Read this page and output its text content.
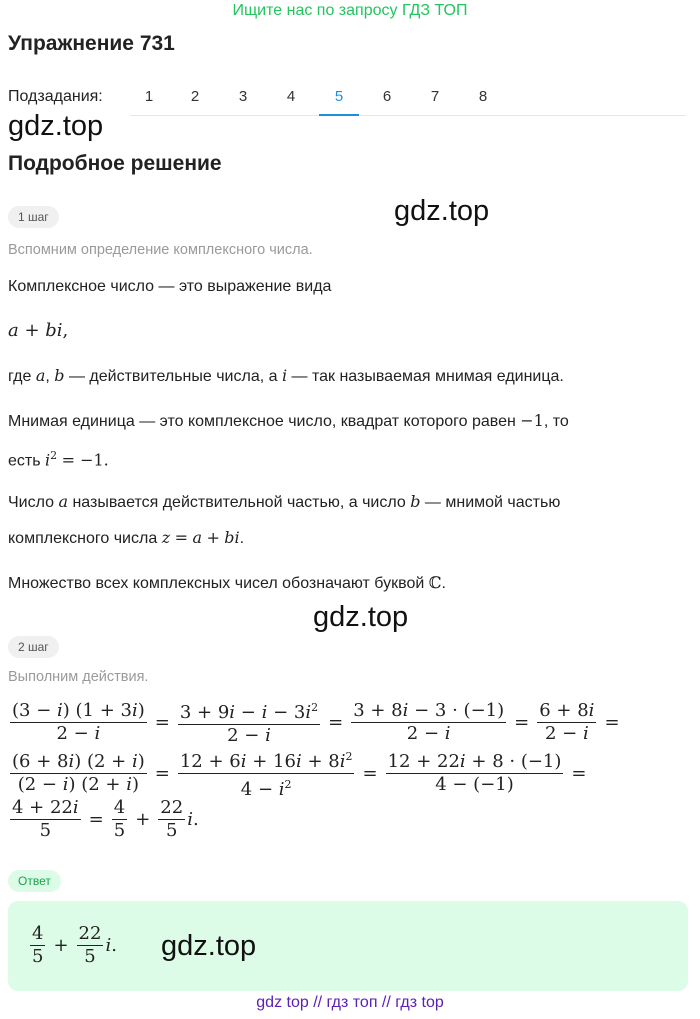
Ищите нас по запросу ГДЗ ТОП
Упражнение 731
Подзадания:	1	2	3	4	5	6	7	8
gdz.top
Подробное решение
1 шаг	gdz.top
Вспомним определение комплексного числа.
Комплексное число — это выражение вида
a + bi,
где a, b — действительные числа, а i — так называемая мнимая единица.
Мнимая единица — это комплексное число, квадрат которого равен −1, то
есть $i^2 = -1$.
Число a называется действительной частью, а число b — мнимой частью
комплексного числа z = a + bi.
Множество всех комплексных чисел обозначают буквой ℂ.
gdz.top
2 шаг
Выполним действия.
$\frac{(3 - i) (1 + 3i)}{2 - i} = \frac{3 + 9i - i - 3i^2}{2 - i} = \frac{3 + 8i - 3 \cdot (-1)}{2 - i} = \frac{6 + 8i}{2 - i}$ =
$\frac{(6 + 8i) (2 + i)}{(2 - i) (2 + i)} = \frac{12 + 6i + 16i + 8i^2}{4 - i^2} = \frac{12 + 22i + 8 \cdot (-1)}{4 - (-1)}$ =
$\frac{4 + 22i}{5} = \frac{4}{5} + \frac{22}{5}$ i .
Ответ
$\frac{4}{5} + \frac{22}{5}$ i . gdz.top
gdz top // гдз топ // гдз top
